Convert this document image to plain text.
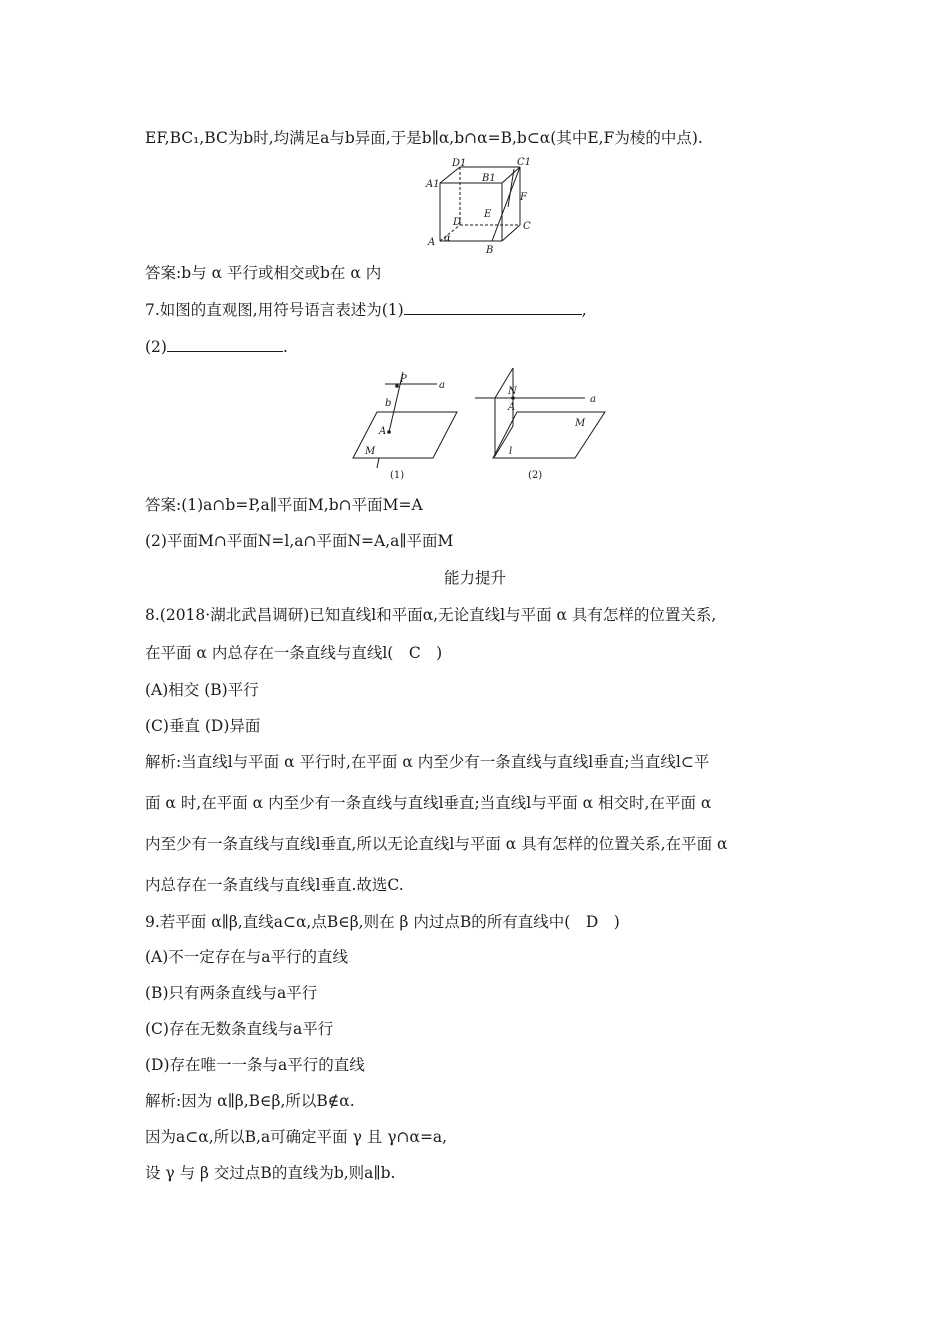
EF,BC₁,BC为b时,均满足a与b异面,于是b∥α,b∩α=B,b⊂α(其中E,F为棱的中点).
D1	C1
A1
B1
F
E
D	C
A α
B
答案:b与 α 平行或相交或b在 α 内
7.如图的直观图,用符号语言表述为(1)	,
(2)	.
P
a
b
A
M
(1)
N
A
a
M
l
(2)
答案:(1)a∩b=P,a∥平面M,b∩平面M=A
(2)平面M∩平面N=l,a∩平面N=A,a∥平面M
能力提升
8.(2018·湖北武昌调研)已知直线l和平面α,无论直线l与平面 α 具有怎样的位置关系,
在平面 α 内总存在一条直线与直线l(　C　)
(A)相交 (B)平行
(C)垂直 (D)异面
解析:当直线l与平面 α 平行时,在平面 α 内至少有一条直线与直线l垂直;当直线l⊂平
面 α 时,在平面 α 内至少有一条直线与直线l垂直;当直线l与平面 α 相交时,在平面 α
内至少有一条直线与直线l垂直,所以无论直线l与平面 α 具有怎样的位置关系,在平面 α
内总存在一条直线与直线l垂直.故选C.
9.若平面 α∥β,直线a⊂α,点B∈β,则在 β 内过点B的所有直线中(　D　)
(A)不一定存在与a平行的直线
(B)只有两条直线与a平行
(C)存在无数条直线与a平行
(D)存在唯一一条与a平行的直线
解析:因为 α∥β,B∈β,所以B∉α.
因为a⊂α,所以B,a可确定平面 γ 且 γ∩α=a,
设 γ 与 β 交过点B的直线为b,则a∥b.
